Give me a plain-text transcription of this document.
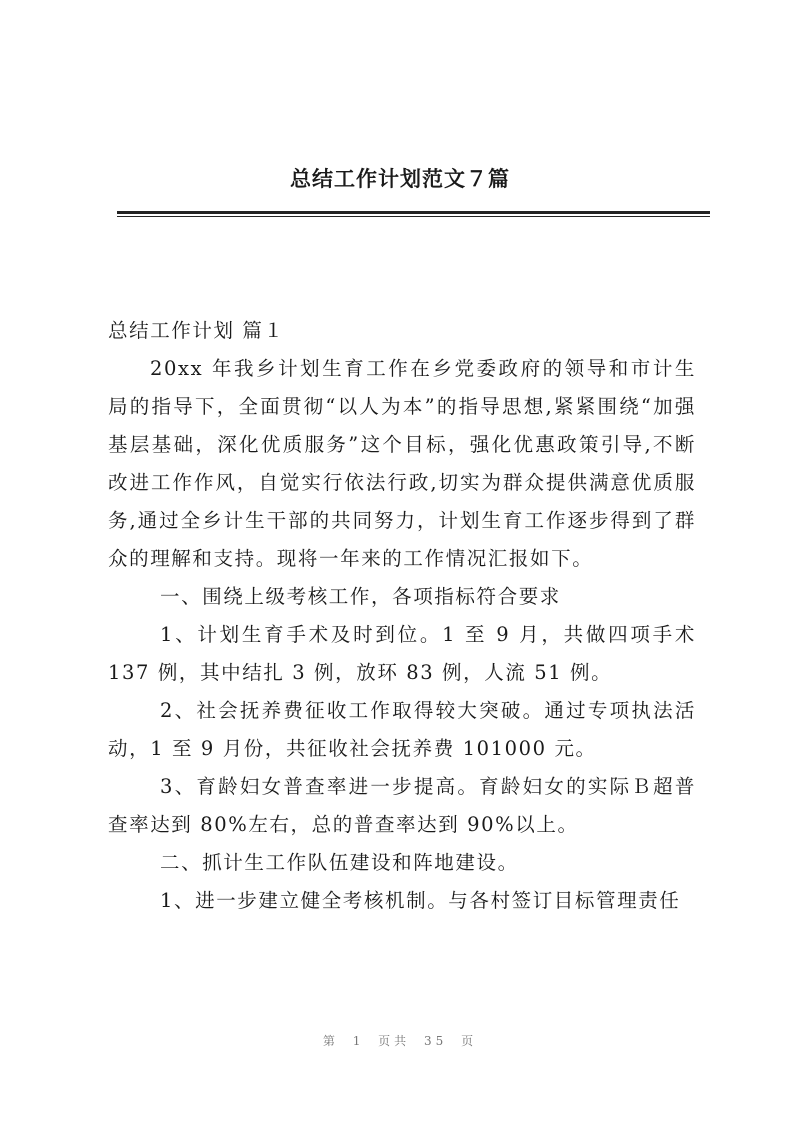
总结工作计划范文７篇

总结工作计划 篇１

20xx 年我乡计划生育工作在乡党委政府的领导和市计生局的指导下，全面贯彻“以人为本”的指导思想,紧紧围绕“加强基层基础，深化优质服务”这个目标，强化优惠政策引导,不断改进工作作风，自觉实行依法行政,切实为群众提供满意优质服务,通过全乡计生干部的共同努力，计划生育工作逐步得到了群众的理解和支持。现将一年来的工作情况汇报如下。

一、围绕上级考核工作，各项指标符合要求

1、计划生育手术及时到位。1 至 9 月，共做四项手术 137 例，其中结扎 3 例，放环 83 例，人流 51 例。

2、社会抚养费征收工作取得较大突破。通过专项执法活动，1 至 9 月份，共征收社会抚养费 101000 元。

3、育龄妇女普查率进一步提高。育龄妇女的实际Ｂ超普查率达到 80%左右，总的普查率达到 90%以上。

二、抓计生工作队伍建设和阵地建设。

1、进一步建立健全考核机制。与各村签订目标管理责任

第 1 页共 35 页
